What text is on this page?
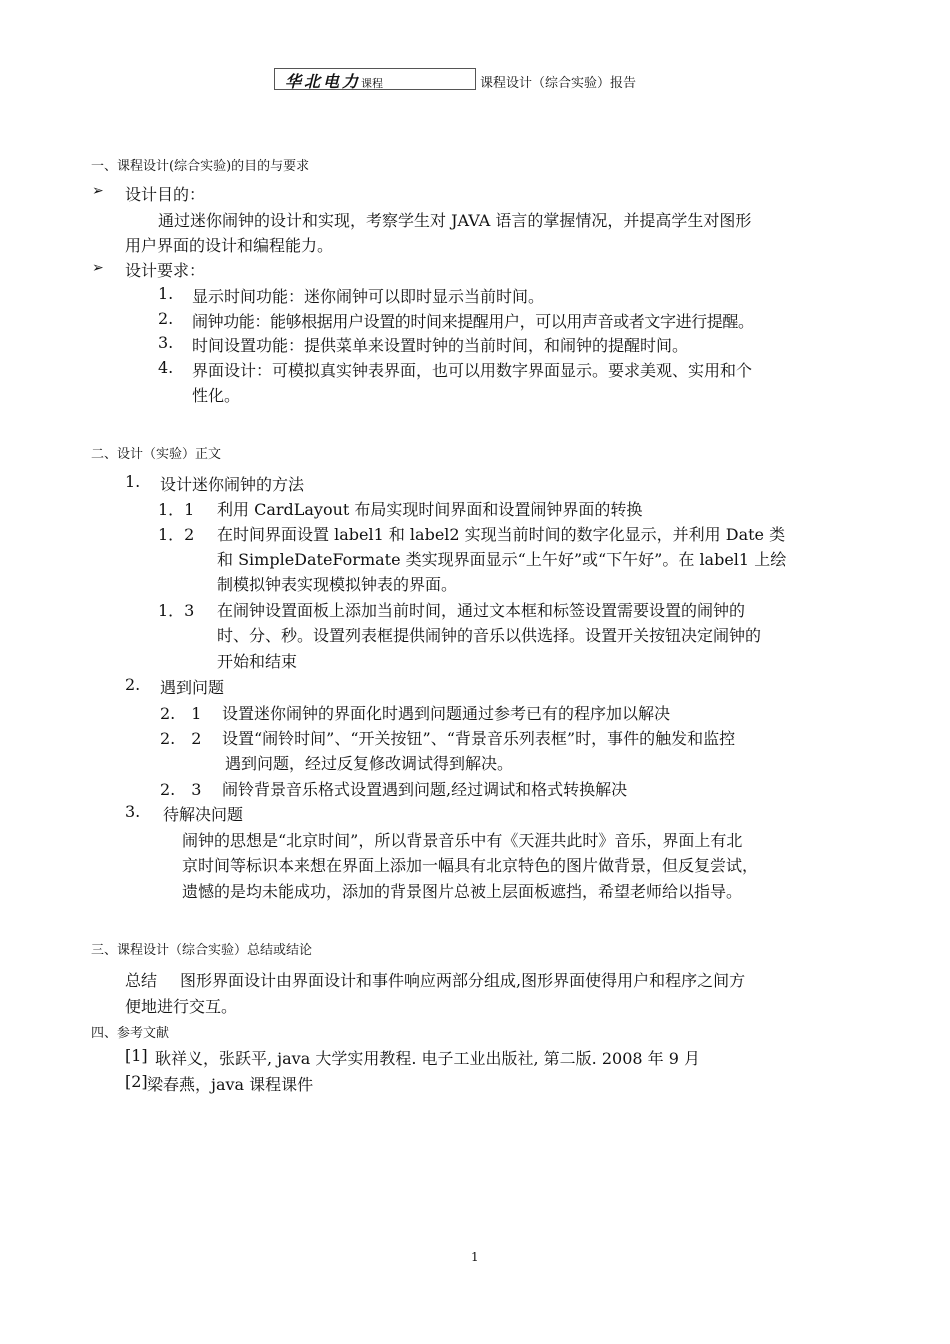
华北电力课程	课程设计（综合实验）报告
一、课程设计(综合实验)的目的与要求
➢ 设计目的：
通过迷你闹钟的设计和实现，考察学生对 JAVA 语言的掌握情况，并提高学生对图形
用户界面的设计和编程能力。
➢ 设计要求：
1. 显示时间功能：迷你闹钟可以即时显示当前时间。
2. 闹钟功能：能够根据用户设置的时间来提醒用户，可以用声音或者文字进行提醒。
3. 时间设置功能：提供菜单来设置时钟的当前时间，和闹钟的提醒时间。
4. 界面设计：可模拟真实钟表界面，也可以用数字界面显示。要求美观、实用和个
性化。
二、设计（实验）正文
1. 设计迷你闹钟的方法
1．1 利用 CardLayout 布局实现时间界面和设置闹钟界面的转换
1．2 在时间界面设置 label1 和 label2 实现当前时间的数字化显示，并利用 Date 类
和 SimpleDateFormate 类实现界面显示“上午好”或“下午好”。在 label1 上绘
制模拟钟表实现模拟钟表的界面。
1．3 在闹钟设置面板上添加当前时间，通过文本框和标签设置需要设置的闹钟的
时、分、秒。设置列表框提供闹钟的音乐以供选择。设置开关按钮决定闹钟的
开始和结束
2. 遇到问题
2.　1 设置迷你闹钟的界面化时遇到问题通过参考已有的程序加以解决
2.　2 设置“闹铃时间”、“开关按钮”、“背景音乐列表框”时，事件的触发和监控
遇到问题，经过反复修改调试得到解决。
2.　3 闹铃背景音乐格式设置遇到问题,经过调试和格式转换解决
3. 待解决问题
闹钟的思想是“北京时间”，所以背景音乐中有《天涯共此时》音乐，界面上有北
京时间等标识本来想在界面上添加一幅具有北京特色的图片做背景，但反复尝试，
遗憾的是均未能成功，添加的背景图片总被上层面板遮挡，希望老师给以指导。
三、课程设计（综合实验）总结或结论
总结 图形界面设计由界面设计和事件响应两部分组成,图形界面使得用户和程序之间方
便地进行交互。
四、参考文献
[1] 耿祥义，张跃平, java 大学实用教程. 电子工业出版社, 第二版. 2008 年 9 月
[2] 梁春燕，java 课程课件
1
